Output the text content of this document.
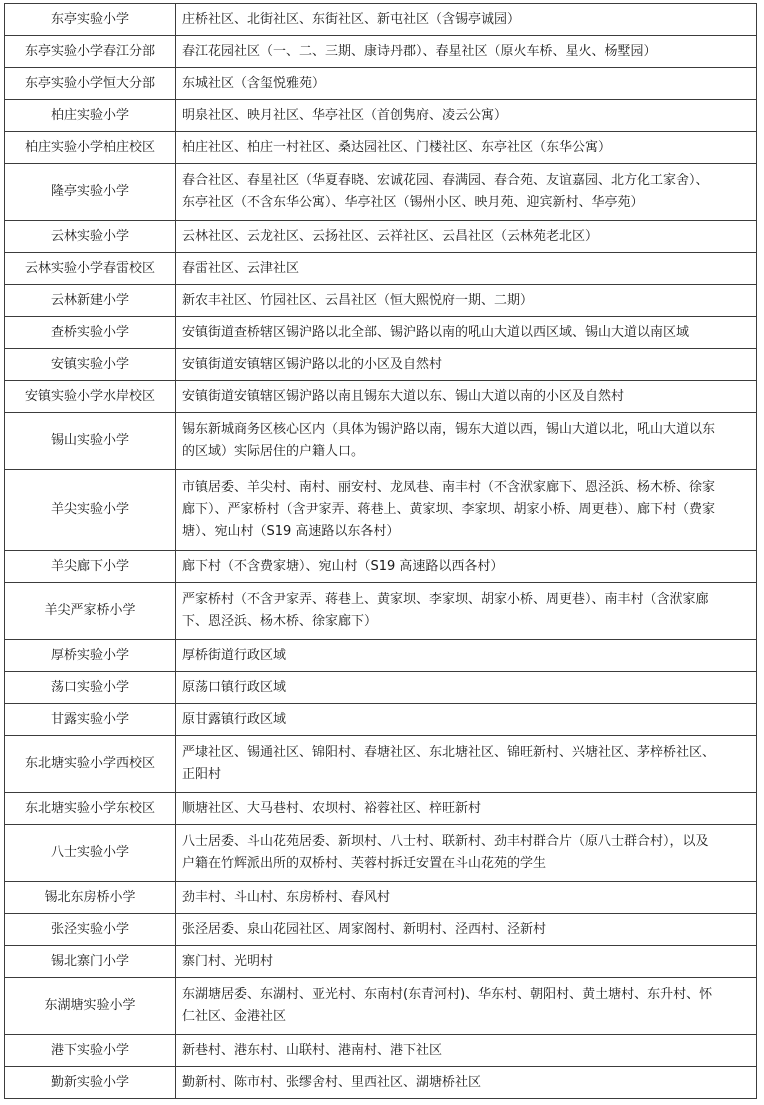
东亭实验小学	庄桥社区、北街社区、东街社区、新屯社区（含锡亭诚园）

东亭实验小学春江分部	春江花园社区（一、二、三期、康诗丹郡）、春星社区（原火车桥、星火、杨墅园）

东亭实验小学恒大分部	东城社区（含玺悦雅苑）

柏庄实验小学	明泉社区、映月社区、华亭社区（首创隽府、凌云公寓）

柏庄实验小学柏庄校区	柏庄社区、柏庄一村社区、桑达园社区、门楼社区、东亭社区（东华公寓）

隆亭实验小学	春合社区、春星社区（华夏春晓、宏诚花园、春满园、春合苑、友谊嘉园、北方化工家舍）、
东亭社区（不含东华公寓）、华亭社区（锡州小区、映月苑、迎宾新村、华亭苑）

云林实验小学	云林社区、云龙社区、云扬社区、云祥社区、云昌社区（云林苑老北区）

云林实验小学春雷校区	春雷社区、云津社区

云林新建小学	新农丰社区、竹园社区、云昌社区（恒大熙悦府一期、二期）

查桥实验小学	安镇街道查桥辖区锡沪路以北全部、锡沪路以南的吼山大道以西区域、锡山大道以南区域

安镇实验小学	安镇街道安镇辖区锡沪路以北的小区及自然村

安镇实验小学水岸校区	安镇街道安镇辖区锡沪路以南且锡东大道以东、锡山大道以南的小区及自然村

锡山实验小学	锡东新城商务区核心区内（具体为锡沪路以南，锡东大道以西，锡山大道以北，吼山大道以东
的区域）实际居住的户籍人口。

羊尖实验小学	市镇居委、羊尖村、南村、丽安村、龙凤巷、南丰村（不含洑家廊下、恩泾浜、杨木桥、徐家
廊下）、严家桥村（含尹家弄、蒋巷上、黄家坝、李家坝、胡家小桥、周更巷）、廊下村（费家
塘）、宛山村（S19 高速路以东各村）

羊尖廊下小学	廊下村（不含费家塘）、宛山村（S19 高速路以西各村）

羊尖严家桥小学	严家桥村（不含尹家弄、蒋巷上、黄家坝、李家坝、胡家小桥、周更巷）、南丰村（含洑家廊
下、恩泾浜、杨木桥、徐家廊下）

厚桥实验小学	厚桥街道行政区域

荡口实验小学	原荡口镇行政区域

甘露实验小学	原甘露镇行政区域

东北塘实验小学西校区	严埭社区、锡通社区、锦阳村、春塘社区、东北塘社区、锦旺新村、兴塘社区、茅梓桥社区、
正阳村

东北塘实验小学东校区	顺塘社区、大马巷村、农坝村、裕蓉社区、梓旺新村

八士实验小学	八士居委、斗山花苑居委、新坝村、八士村、联新村、劲丰村群合片（原八士群合村），以及
户籍在竹辉派出所的双桥村、芙蓉村拆迁安置在斗山花苑的学生

锡北东房桥小学	劲丰村、斗山村、东房桥村、春风村

张泾实验小学	张泾居委、泉山花园社区、周家阁村、新明村、泾西村、泾新村

锡北寨门小学	寨门村、光明村

东湖塘实验小学	东湖塘居委、东湖村、亚光村、东南村(东青河村)、华东村、朝阳村、黄土塘村、东升村、怀
仁社区、金港社区

港下实验小学	新巷村、港东村、山联村、港南村、港下社区

勤新实验小学	勤新村、陈市村、张缪舍村、里西社区、湖塘桥社区
